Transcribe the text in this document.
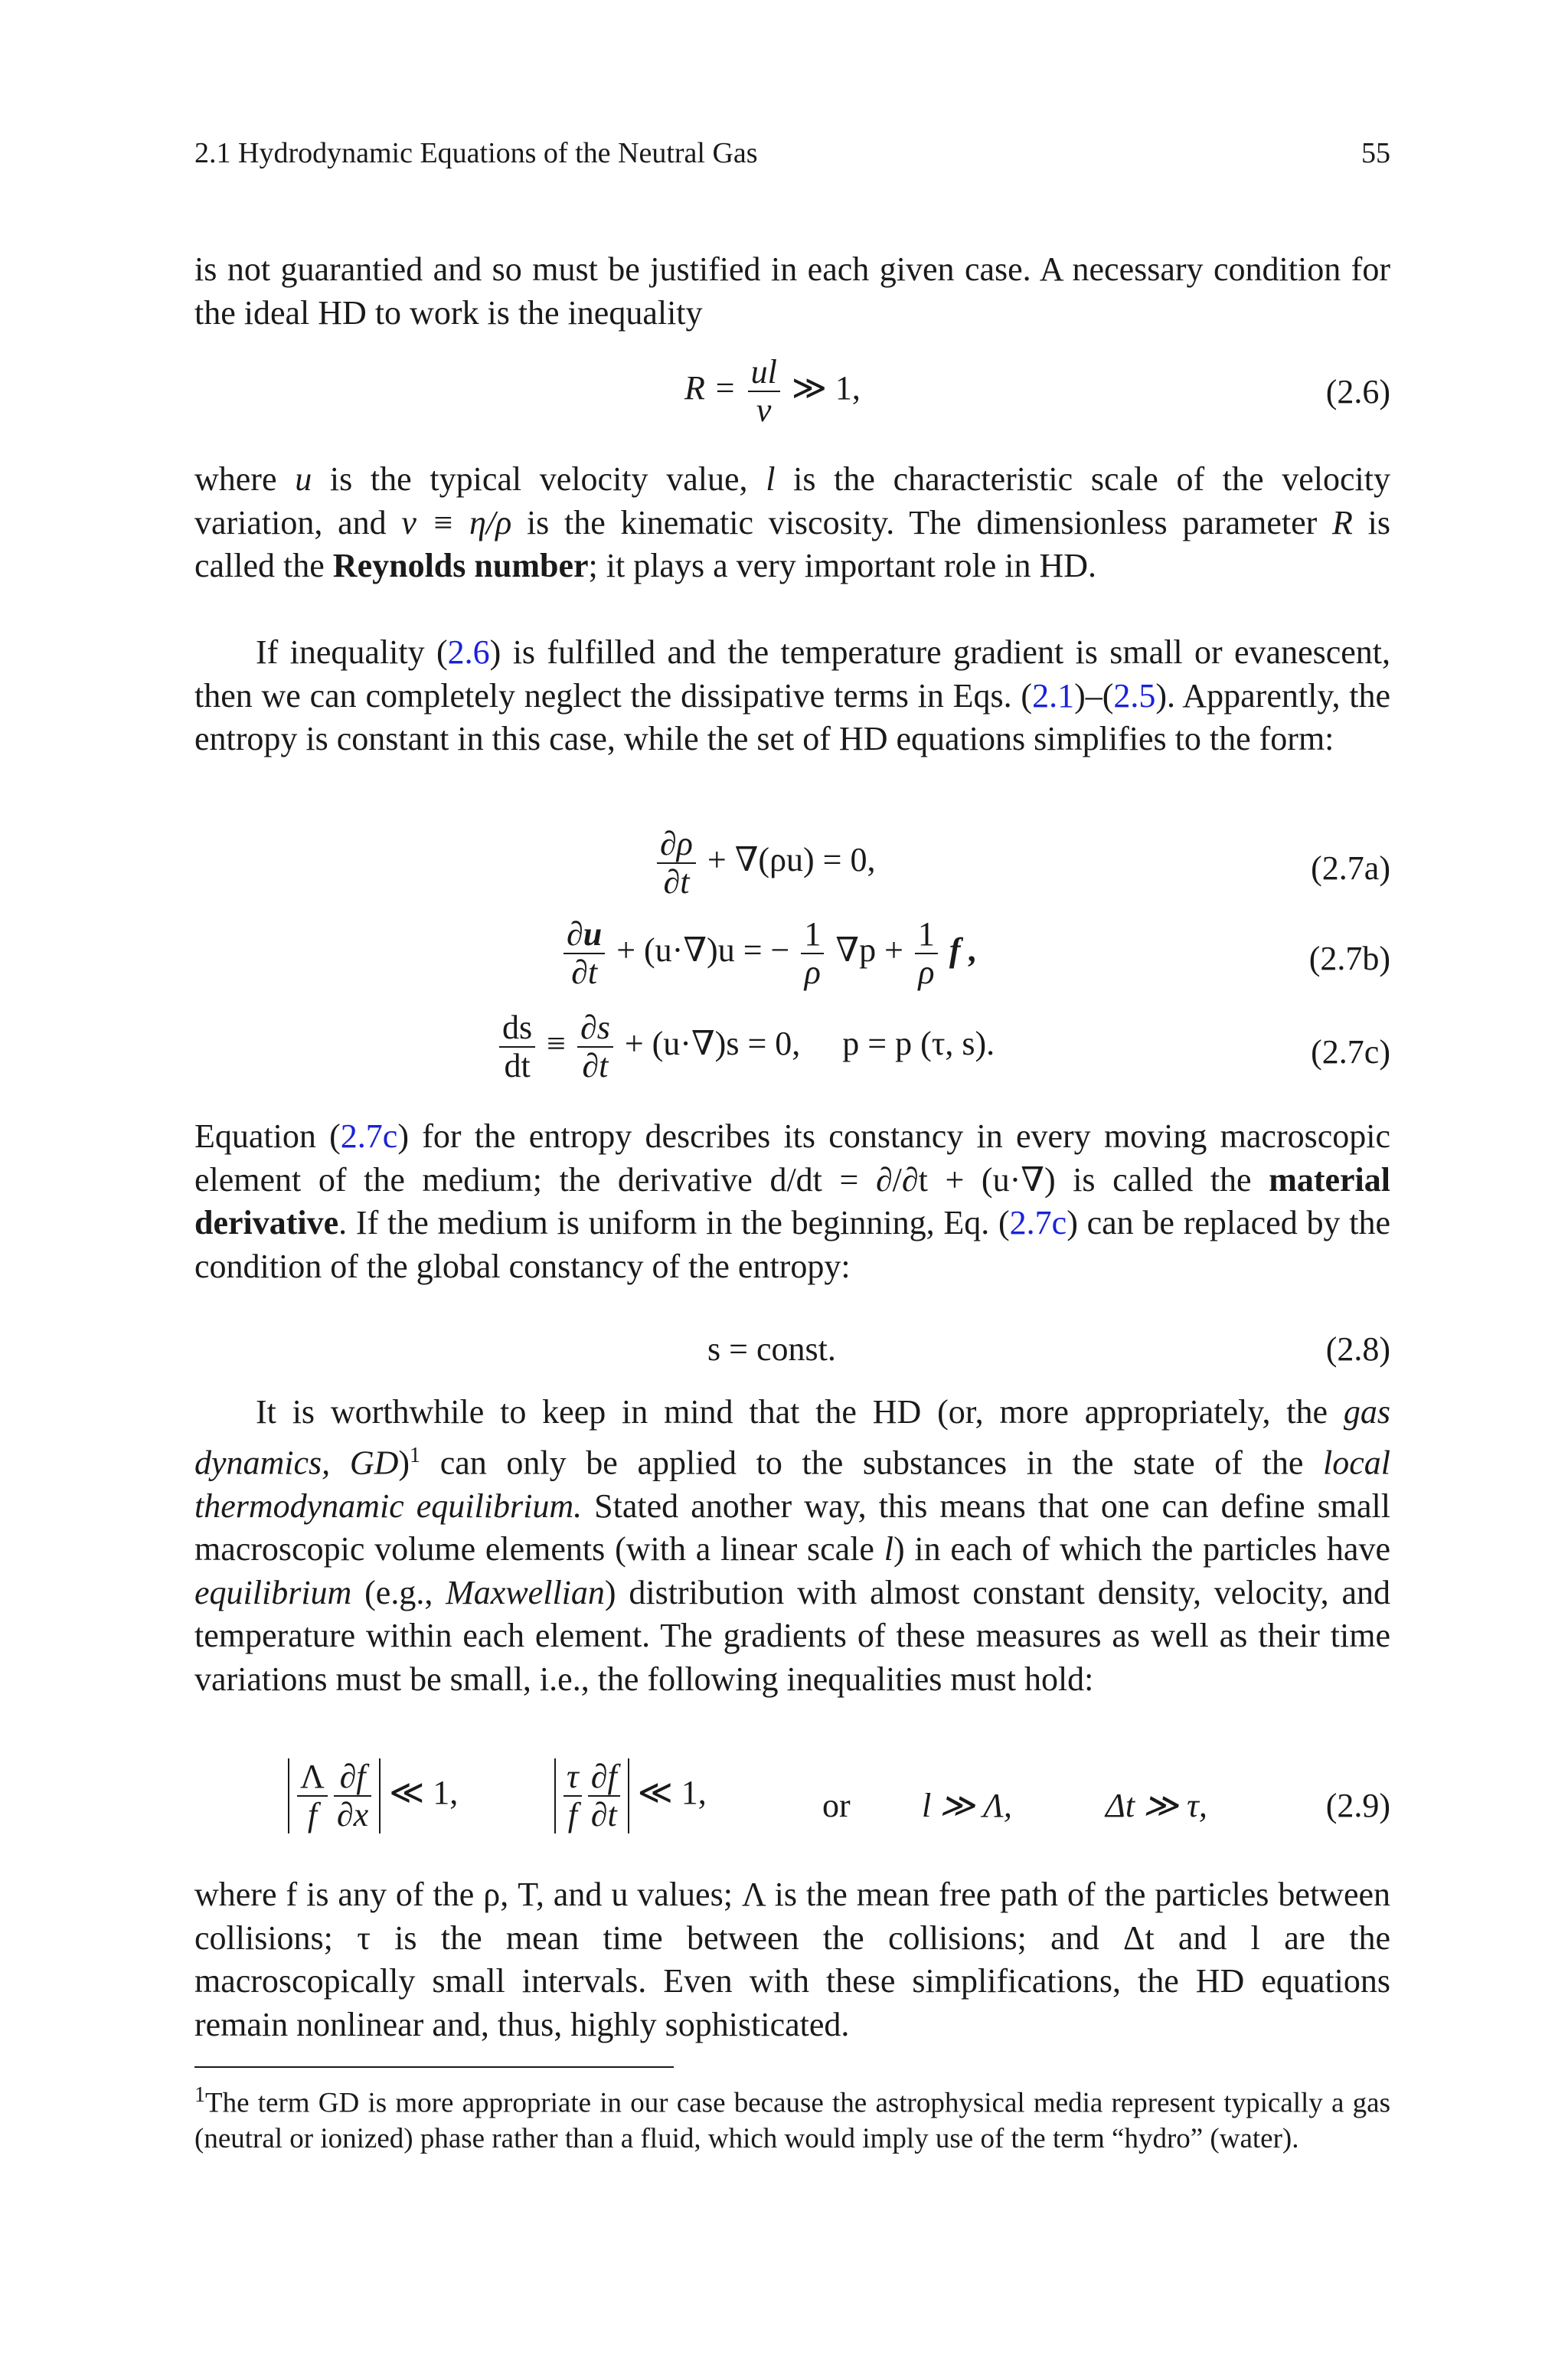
2.1 Hydrodynamic Equations of the Neutral Gas	55
is not guarantied and so must be justified in each given case. A necessary condition for the ideal HD to work is the inequality
$R = \frac{ul}{\nu}$ ≫ 1,	(2.6)
where u is the typical velocity value, l is the characteristic scale of the velocity variation, and ν ≡ η/ρ is the kinematic viscosity. The dimensionless parameter R is called the Reynolds number; it plays a very important role in HD.
If inequality (2.6) is fulfilled and the temperature gradient is small or evanescent, then we can completely neglect the dissipative terms in Eqs. (2.1)–(2.5). Apparently, the entropy is constant in this case, while the set of HD equations simplifies to the form:
$\frac{\partial\rho}{\partial t} + \nabla(\rho u) = 0$,	(2.7a)
$\frac{\partial u}{\partial t} + (u\cdot\nabla)u$ = − $\frac{1}{\rho} \nabla p + \frac{1}{\rho}$ f ,	(2.7b)
$\frac{ds}{dt} \equiv \frac{\partial s}{\partial t} + (u\cdot\nabla)s = 0$,     p = p (τ, s).	(2.7c)
Equation (2.7c) for the entropy describes its constancy in every moving macroscopic element of the medium; the derivative d/dt = ∂/∂t + (u·∇) is called the material derivative. If the medium is uniform in the beginning, Eq. (2.7c) can be replaced by the condition of the global constancy of the entropy:
s = const.	(2.8)
It is worthwhile to keep in mind that the HD (or, more appropriately, the gas dynamics, GD)$^1$ can only be applied to the substances in the state of the local thermodynamic equilibrium. Stated another way, this means that one can define small macroscopic volume elements (with a linear scale l) in each of which the particles have equilibrium (e.g., Maxwellian) distribution with almost constant density, velocity, and temperature within each element. The gradients of these measures as well as their time variations must be small, i.e., the following inequalities must hold:
$\frac{\Lambda}{f} \frac{\partial f}{\partial x}$ ≪ 1,	$\frac{\tau}{f} \frac{\partial f}{\partial t}$ ≪ 1,	or l ≫ Λ,	Δt ≫ τ,	(2.9)
where f is any of the ρ, T, and u values; Λ is the mean free path of the particles between collisions; τ is the mean time between the collisions; and Δt and l are the macroscopically small intervals. Even with these simplifications, the HD equations remain nonlinear and, thus, highly sophisticated.
$^1$The term GD is more appropriate in our case because the astrophysical media represent typically a gas (neutral or ionized) phase rather than a fluid, which would imply use of the term “hydro” (water).
